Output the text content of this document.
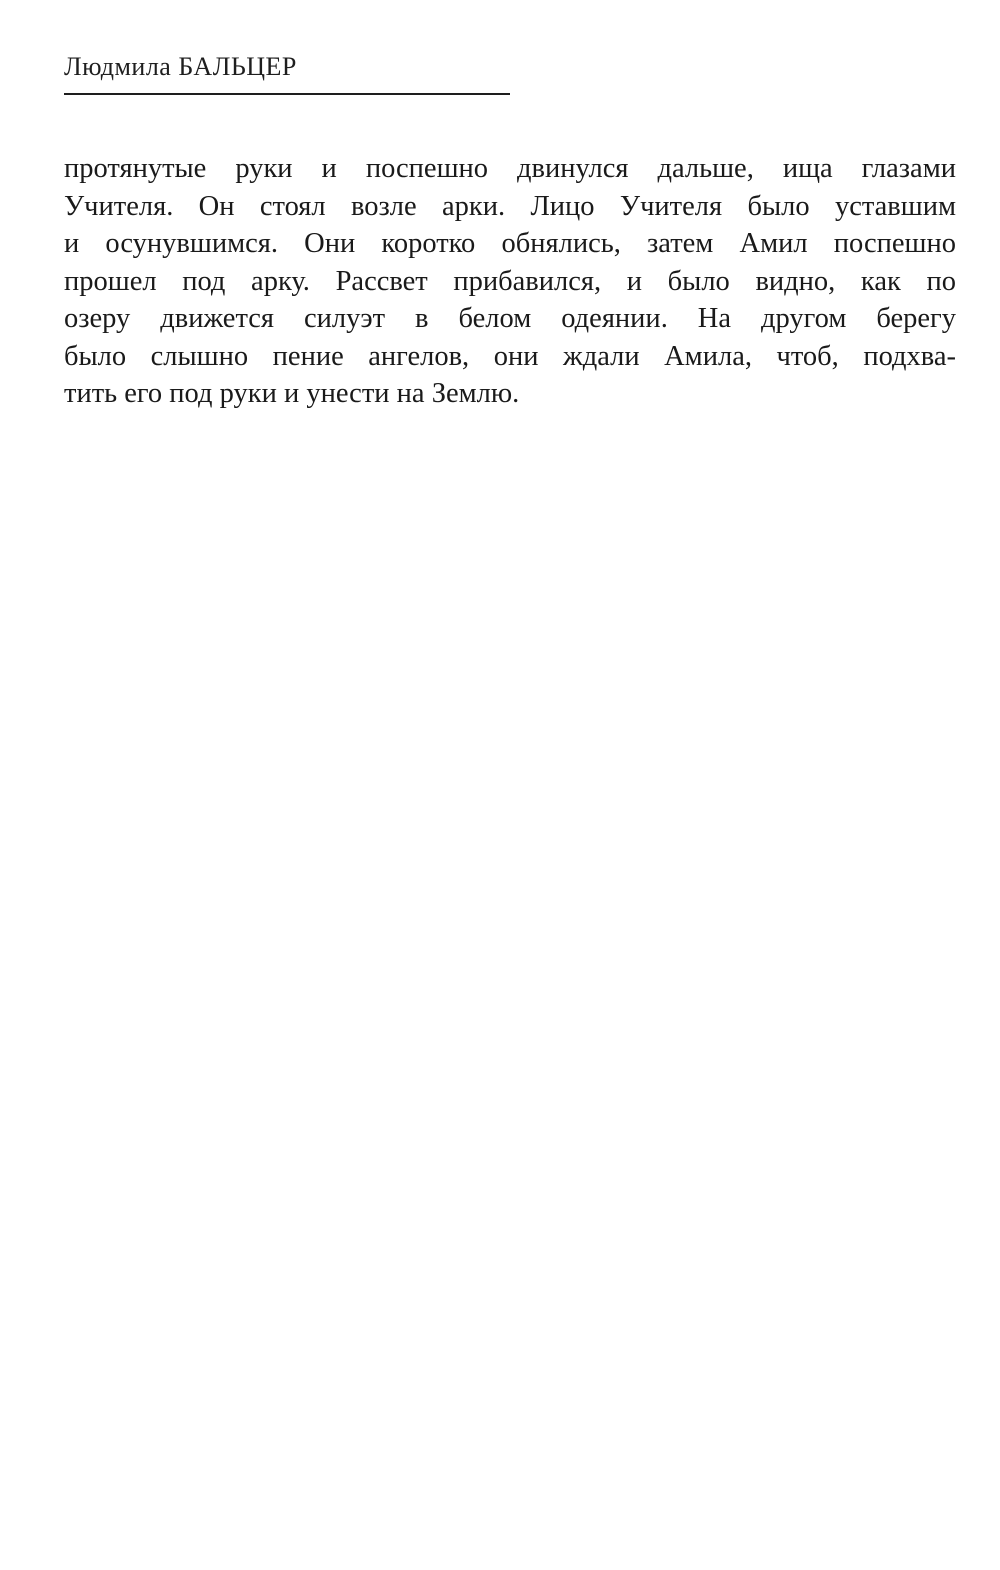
Людмила БАЛЬЦЕР
протянутые руки и поспешно двинулся дальше, ища глазами
Учителя. Он стоял возле арки. Лицо Учителя было уставшим
и осунувшимся. Они коротко обнялись, затем Амил поспешно
прошел под арку. Рассвет прибавился, и было видно, как по
озеру движется силуэт в белом одеянии. На другом берегу
было слышно пение ангелов, они ждали Амила, чтоб, подхва-
тить его под руки и унести на Землю.
